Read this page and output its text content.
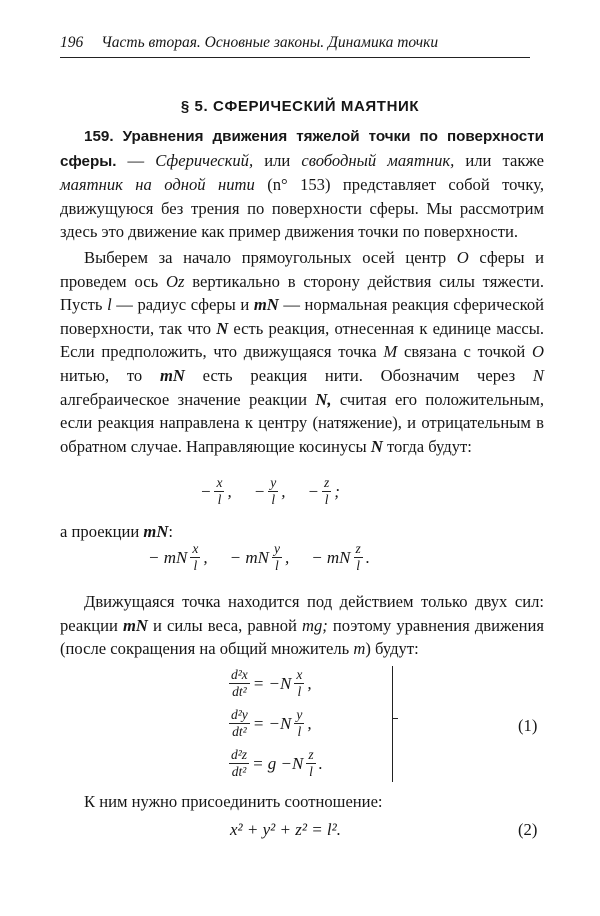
196 Часть вторая. Основные законы. Динамика точки
§ 5. СФЕРИЧЕСКИЙ МАЯТНИК
159. Уравнения движения тяжелой точки по поверхности сферы. — Сферический, или свободный маятник, или также маятник на одной нити (n° 153) представляет собой точку, движущуюся без трения по поверхности сферы. Мы рассмотрим здесь это движение как пример движения точки по поверхности.
Выберем за начало прямоугольных осей центр O сферы и проведем ось Oz вертикально в сторону действия силы тяжести. Пусть l — радиус сферы и mN — нормальная реакция сферической поверхности, так что N есть реакция, отнесенная к единице массы. Если предположить, что движущаяся точка M связана с точкой O нитью, то mN есть реакция нити. Обозначим через N алгебраическое значение реакции N, считая его положительным, если реакция направлена к центру (натяжение), и отрицательным в обратном случае. Направляющие косинусы N тогда будут:
− $\frac{x}{l}$ , − $\frac{y}{l}$ , − $\frac{z}{l}$ ;
а проекции mN:
− mN $\frac{x}{l}$ , − mN $\frac{y}{l}$ , − mN $\frac{z}{l}$ .
Движущаяся точка находится под действием только двух сил: реакции mN и силы веса, равной mg; поэтому уравнения движения (после сокращения на общий множитель m) будут:
$\frac{\text{d²x}}{\text{dt²}}$ = − N $\frac{x}{l}$ ,
$\frac{\text{d²y}}{\text{dt²}}$ = − N $\frac{y}{l}$ ,
$\frac{\text{d²z}}{\text{dt²}} = g - N \frac{z}{l}$ .
(1)
К ним нужно присоединить соотношение:
x² + y² + z² = l².	(2)
